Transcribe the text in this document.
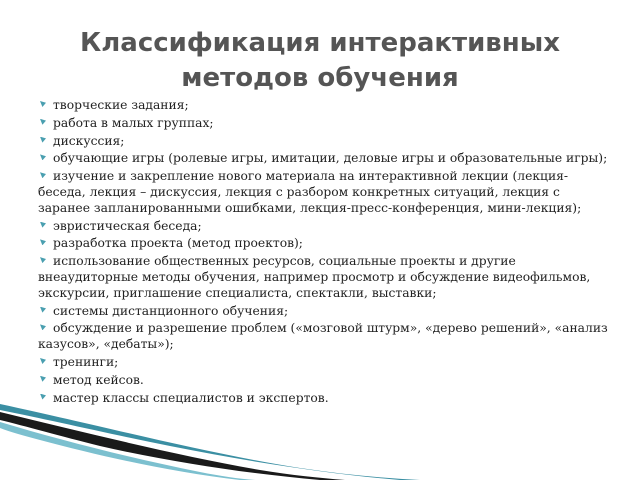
Классификация интерактивных методов обучения
творческие задания;
работа в малых группах;
дискуссия;
обучающие игры (ролевые игры, имитации, деловые игры и образовательные игры);
изучение и закрепление нового материала на интерактивной лекции (лекция-беседа, лекция – дискуссия, лекция с разбором конкретных ситуаций, лекция с заранее запланированными ошибками, лекция-пресс-конференция, мини-лекция);
эвристическая беседа;
разработка проекта (метод проектов);
использование общественных ресурсов, социальные проекты и другие внеаудиторные методы обучения, например просмотр и обсуждение видеофильмов, экскурсии, приглашение специалиста, спектакли, выставки;
системы дистанционного обучения;
обсуждение и разрешение проблем («мозговой штурм», «дерево решений», «анализ казусов», «дебаты»);
тренинги;
метод кейсов.
мастер классы специалистов и экспертов.
